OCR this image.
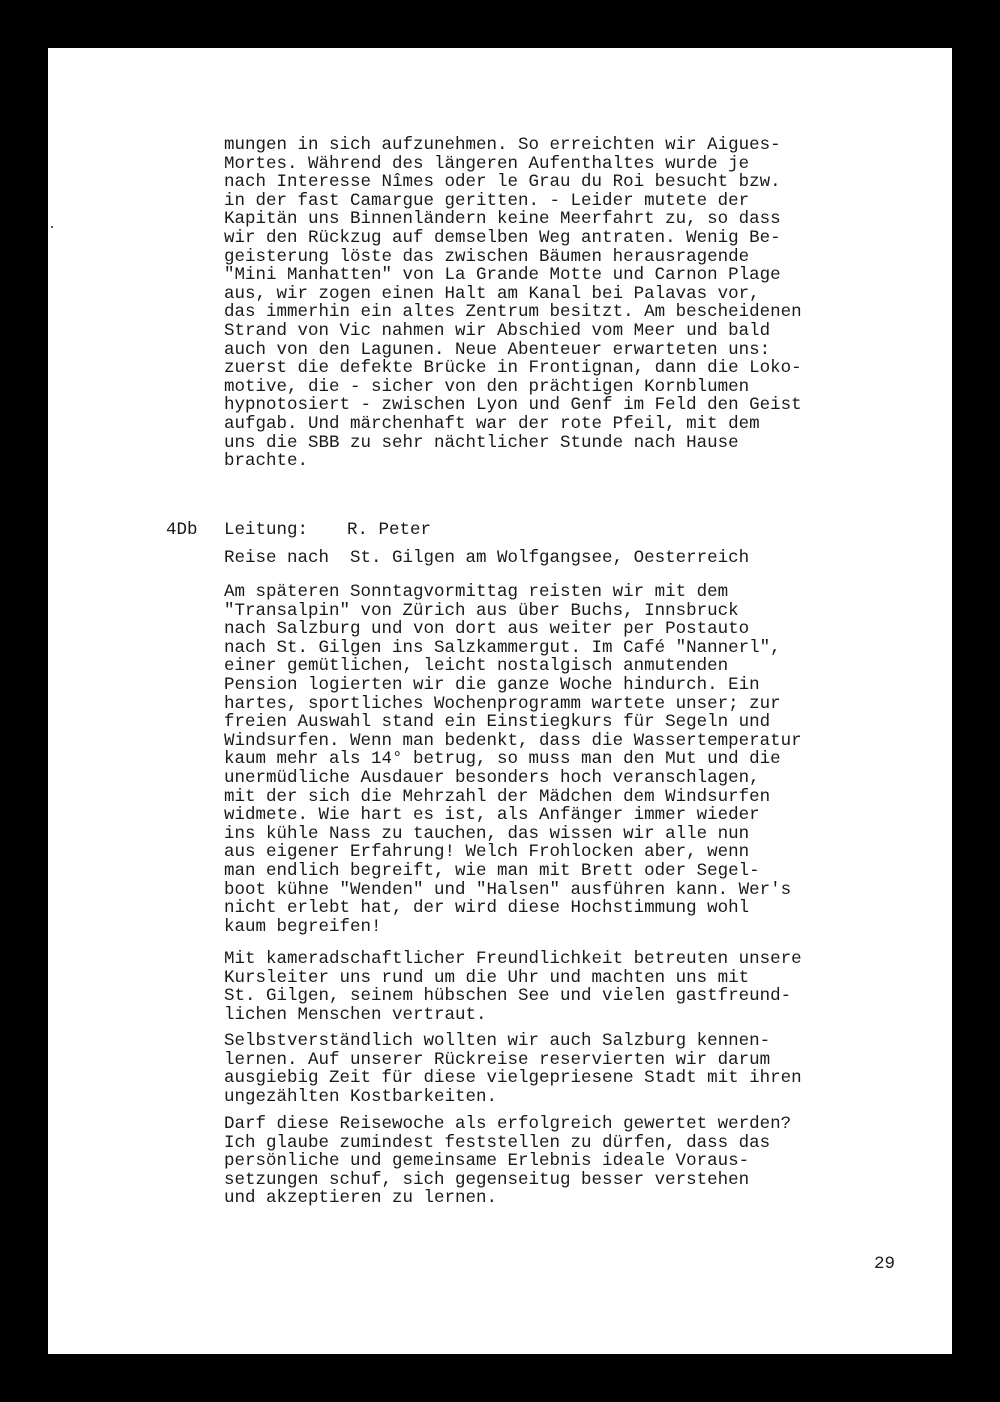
mungen in sich aufzunehmen. So erreichten wir Aigues-
Mortes. Während des längeren Aufenthaltes wurde je
nach Interesse Nîmes oder le Grau du Roi besucht bzw.
in der fast Camargue geritten. - Leider mutete der
Kapitän uns Binnenländern keine Meerfahrt zu, so dass
wir den Rückzug auf demselben Weg antraten. Wenig Be-
geisterung löste das zwischen Bäumen herausragende
"Mini Manhatten" von La Grande Motte und Carnon Plage
aus, wir zogen einen Halt am Kanal bei Palavas vor,
das immerhin ein altes Zentrum besitzt. Am bescheidenen
Strand von Vic nahmen wir Abschied vom Meer und bald
auch von den Lagunen. Neue Abenteuer erwarteten uns:
zuerst die defekte Brücke in Frontignan, dann die Loko-
motive, die - sicher von den prächtigen Kornblumen
hypnotosiert - zwischen Lyon und Genf im Feld den Geist
aufgab. Und märchenhaft war der rote Pfeil, mit dem
uns die SBB zu sehr nächtlicher Stunde nach Hause
brachte.
4Db Leitung: R. Peter
Reise nach  St. Gilgen am Wolfgangsee, Oesterreich
Am späteren Sonntagvormittag reisten wir mit dem
"Transalpin" von Zürich aus über Buchs, Innsbruck
nach Salzburg und von dort aus weiter per Postauto
nach St. Gilgen ins Salzkammergut. Im Café "Nannerl",
einer gemütlichen, leicht nostalgisch anmutenden
Pension logierten wir die ganze Woche hindurch. Ein
hartes, sportliches Wochenprogramm wartete unser; zur
freien Auswahl stand ein Einstiegkurs für Segeln und
Windsurfen. Wenn man bedenkt, dass die Wassertemperatur
kaum mehr als 14° betrug, so muss man den Mut und die
unermüdliche Ausdauer besonders hoch veranschlagen,
mit der sich die Mehrzahl der Mädchen dem Windsurfen
widmete. Wie hart es ist, als Anfänger immer wieder
ins kühle Nass zu tauchen, das wissen wir alle nun
aus eigener Erfahrung! Welch Frohlocken aber, wenn
man endlich begreift, wie man mit Brett oder Segel-
boot kühne "Wenden" und "Halsen" ausführen kann. Wer's
nicht erlebt hat, der wird diese Hochstimmung wohl
kaum begreifen!
Mit kameradschaftlicher Freundlichkeit betreuten unsere
Kursleiter uns rund um die Uhr und machten uns mit
St. Gilgen, seinem hübschen See und vielen gastfreund-
lichen Menschen vertraut.
Selbstverständlich wollten wir auch Salzburg kennen-
lernen. Auf unserer Rückreise reservierten wir darum
ausgiebig Zeit für diese vielgepriesene Stadt mit ihren
ungezählten Kostbarkeiten.
Darf diese Reisewoche als erfolgreich gewertet werden?
Ich glaube zumindest feststellen zu dürfen, dass das
persönliche und gemeinsame Erlebnis ideale Voraus-
setzungen schuf, sich gegenseitug besser verstehen
und akzeptieren zu lernen.
29
